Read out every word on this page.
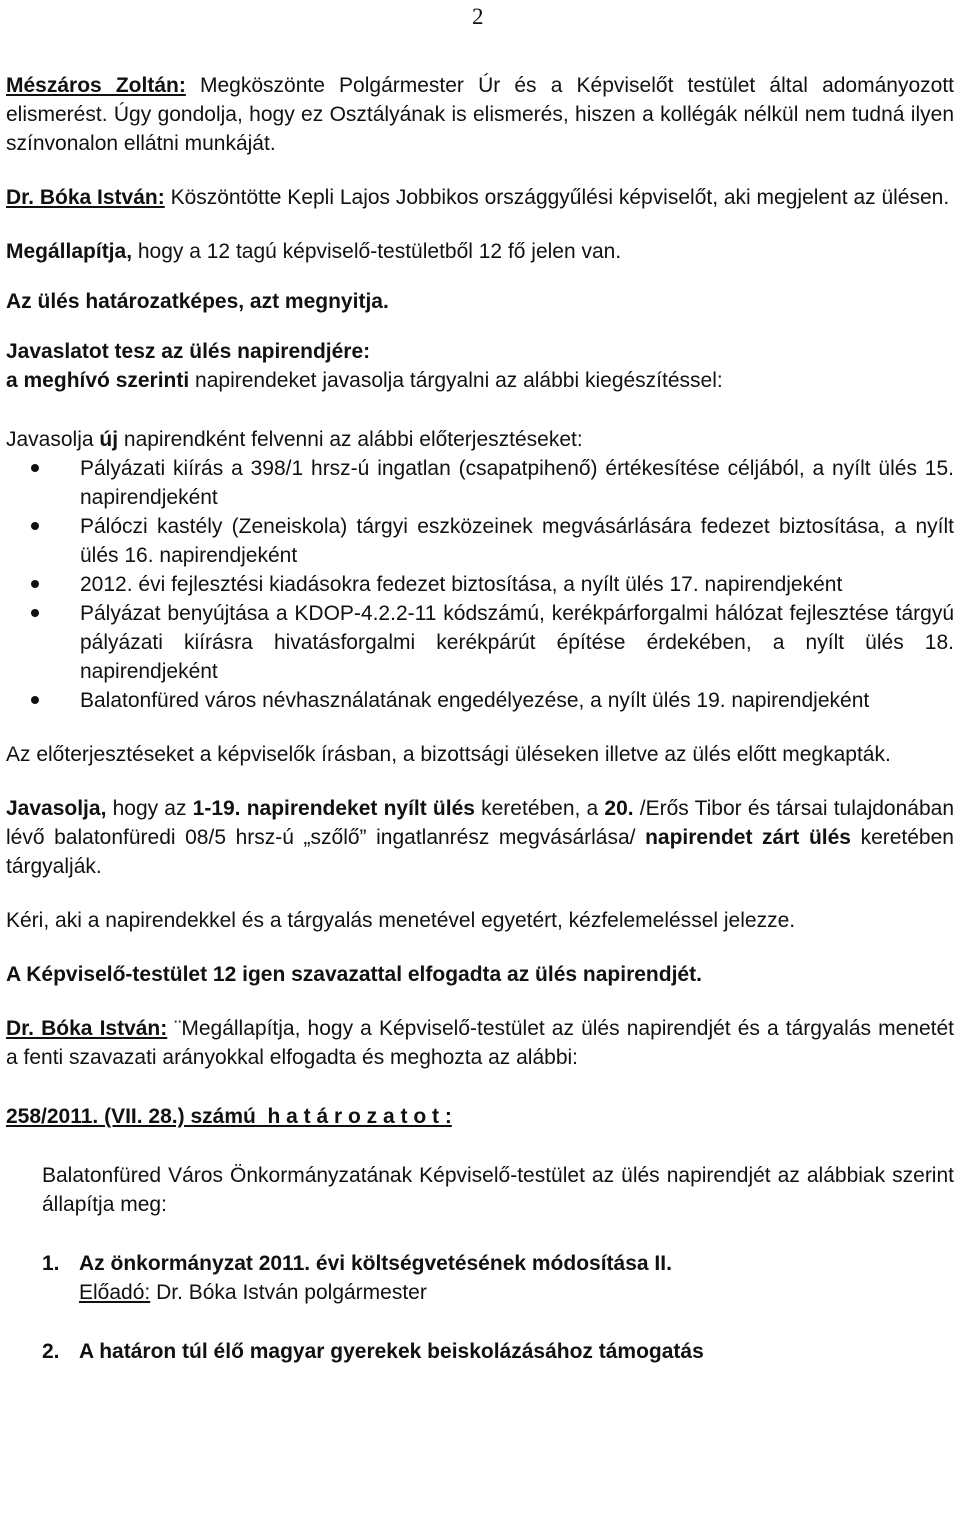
2

Mészáros Zoltán: Megköszönte Polgármester Úr és a Képviselőt testület által adományozott elismerést. Úgy gondolja, hogy ez Osztályának is elismerés, hiszen a kollégák nélkül nem tudná ilyen színvonalon ellátni munkáját.

Dr. Bóka István: Köszöntötte Kepli Lajos Jobbikos országgyűlési képviselőt, aki megjelent az ülésen.

Megállapítja, hogy a 12 tagú képviselő-testületből 12 fő jelen van.

Az ülés határozatképes, azt megnyitja.

Javaslatot tesz az ülés napirendjére:
a meghívó szerinti napirendeket javasolja tárgyalni az alábbi kiegészítéssel:

Javasolja új napirendként felvenni az alábbi előterjesztéseket:

Pályázati kiírás a 398/1 hrsz-ú ingatlan (csapatpihenő) értékesítése céljából, a nyílt ülés 15. napirendjeként
Pálóczi kastély (Zeneiskola) tárgyi eszközeinek megvásárlására fedezet biztosítása, a nyílt ülés 16. napirendjeként
2012. évi fejlesztési kiadásokra fedezet biztosítása, a nyílt ülés 17. napirendjeként
Pályázat benyújtása a KDOP-4.2.2-11 kódszámú, kerékpárforgalmi hálózat fejlesztése tárgyú pályázati kiírásra hivatásforgalmi kerékpárút építése érdekében, a nyílt ülés 18. napirendjeként
Balatonfüred város névhasználatának engedélyezése, a nyílt ülés 19. napirendjeként

Az előterjesztéseket a képviselők írásban, a bizottsági üléseken illetve az ülés előtt megkapták.

Javasolja, hogy az 1-19. napirendeket nyílt ülés keretében, a 20. /Erős Tibor és társai tulajdonában lévő balatonfüredi 08/5 hrsz-ú „szőlő” ingatlanrész megvásárlása/ napirendet zárt ülés keretében tárgyalják.

Kéri, aki a napirendekkel és a tárgyalás menetével egyetért, kézfelemeléssel jelezze.

A Képviselő-testület 12 igen szavazattal elfogadta az ülés napirendjét.

Dr. Bóka István: ¨Megállapítja, hogy a Képviselő-testület az ülés napirendjét és a tárgyalás menetét a fenti szavazati arányokkal elfogadta és meghozta az alábbi:

258/2011. (VII. 28.) számú  h a t á r o z a t o t :

Balatonfüred Város Önkormányzatának Képviselő-testület az ülés napirendjét az alábbiak szerint állapítja meg:

1. Az önkormányzat 2011. évi költségvetésének módosítása II.
Előadó: Dr. Bóka István polgármester
2. A határon túl élő magyar gyerekek beiskolázásához támogatás
